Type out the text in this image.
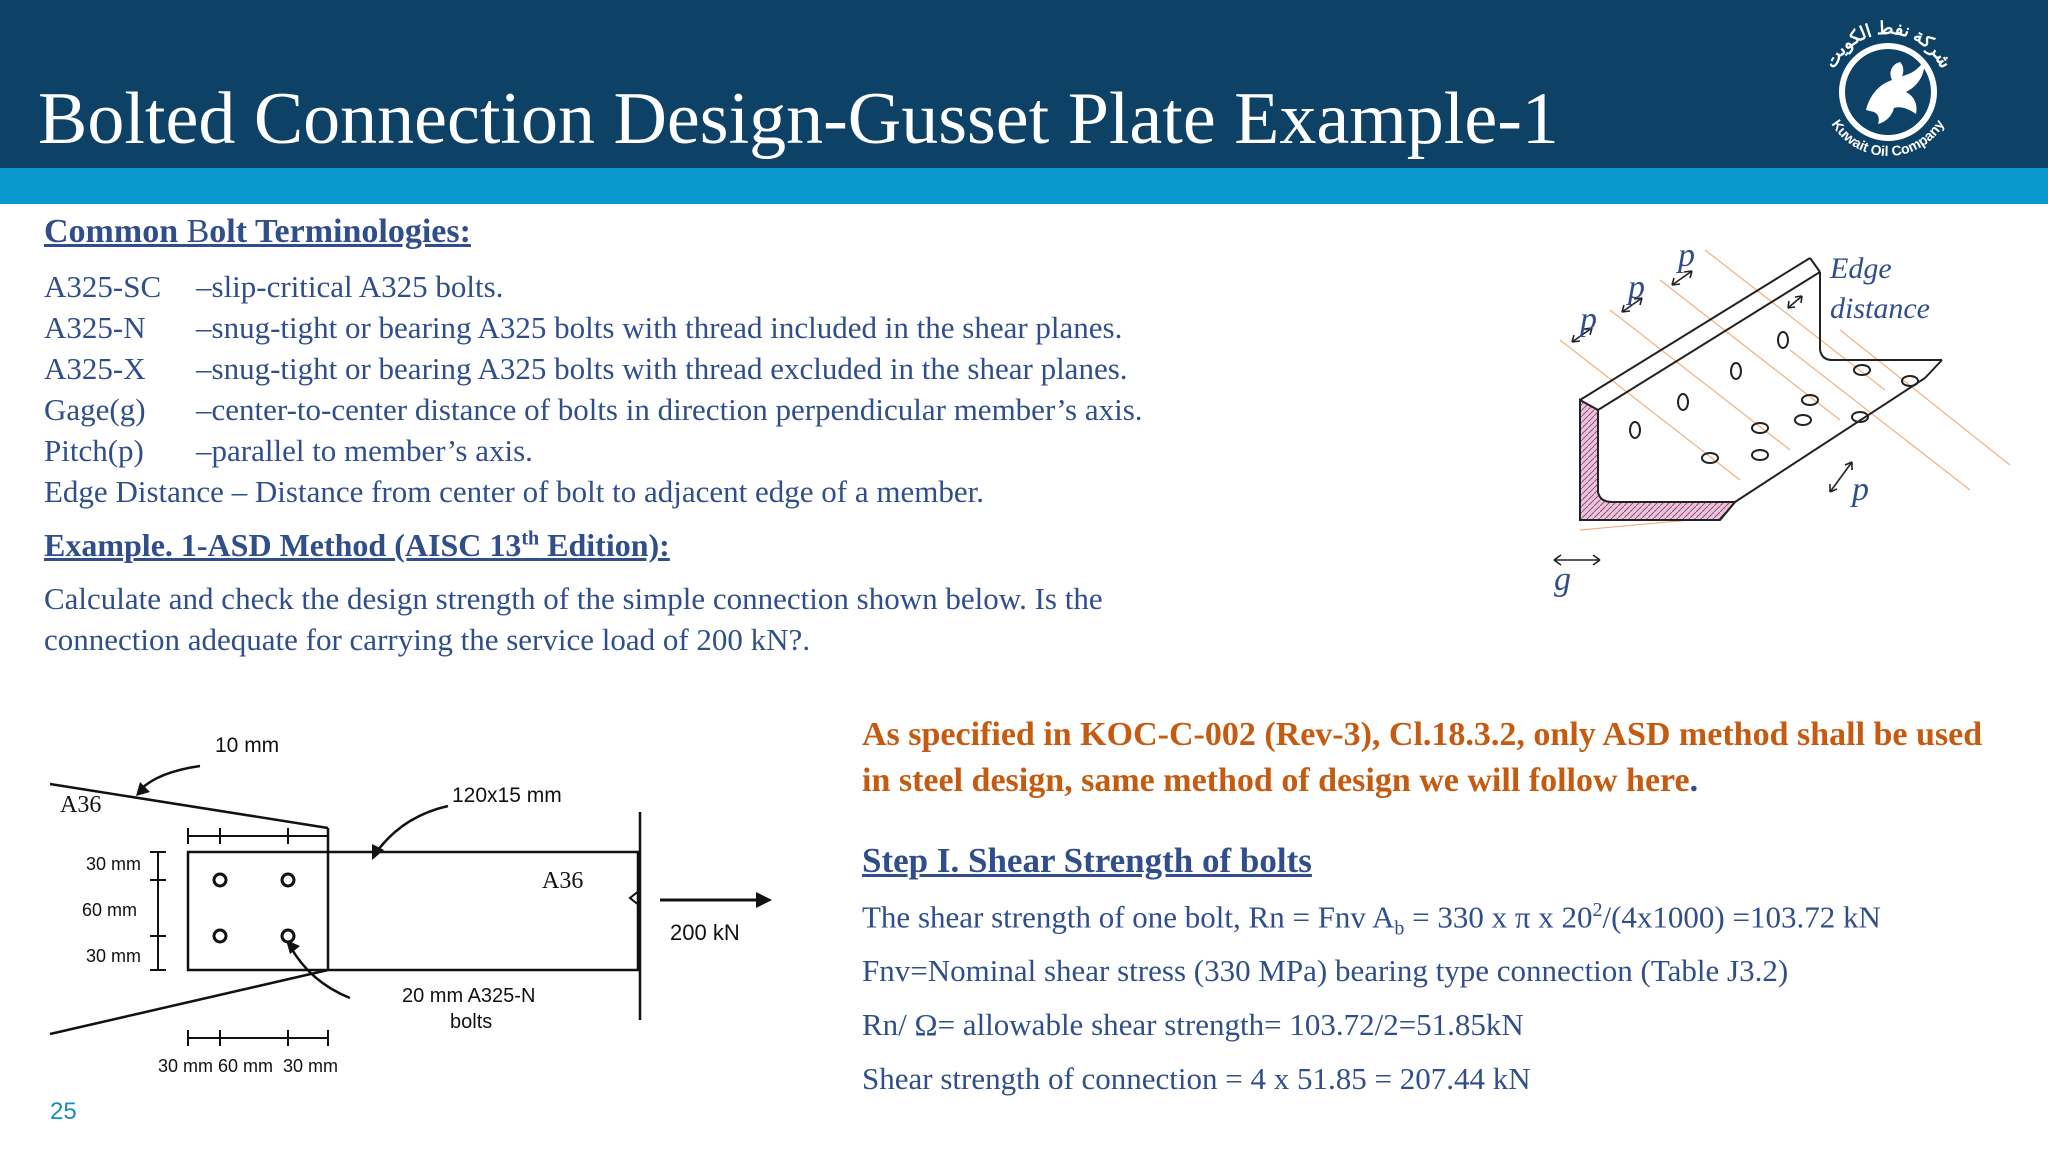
Bolted Connection Design-Gusset Plate Example-1
شركة نفط الكويت
Kuwait Oil Company
Common Bolt Terminologies:
A325-SC –slip-critical A325 bolts.
A325-N –snug-tight or bearing A325 bolts with thread included in the shear planes.
A325-X –snug-tight or bearing A325 bolts with thread excluded in the shear planes.
Gage(g) –center-to-center distance of bolts in direction perpendicular member’s axis.
Pitch(p) –parallel to member’s axis.
Edge Distance – Distance from center of bolt to adjacent edge of a member.
Example. 1-ASD Method (AISC 13th Edition):
Calculate and check the design strength of the simple connection shown below. Is the
connection adequate for carrying the service load of 200 kN?.
p
p
p
p
g
Edge
distance
10 mm
A36	120x15 mm
A36
200 kN
20 mm A325-N
bolts
30 mm
60 mm
30 mm
30 mm 60 mm  30 mm
As specified in KOC-C-002 (Rev-3), Cl.18.3.2, only ASD method shall be used in steel design, same method of design we will follow here.
Step I. Shear Strength of bolts
The shear strength of one bolt, Rn = Fnv $A_b = 330$ x π x $20^2/(4x1000) =103.72$ kN
Fnv=Nominal shear stress (330 MPa) bearing type connection (Table J3.2)
Rn/ Ω= allowable shear strength= 103.72/2=51.85kN
Shear strength of connection = 4 x 51.85 = 207.44 kN
25
